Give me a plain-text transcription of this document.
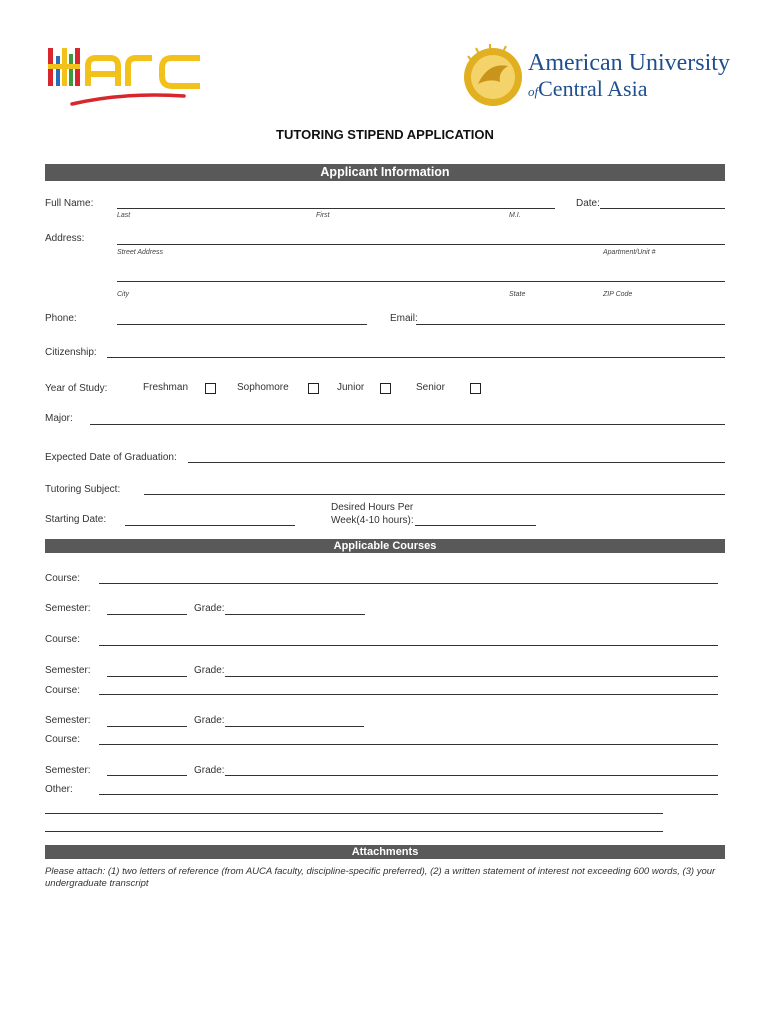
American University
ofCentral Asia
TUTORING STIPEND APPLICATION
Applicant Information
Full Name:	Date:
Last	First	M.I.
Address:
Street Address	Apartment/Unit #
City	State	ZIP Code
Phone:	Email:
Citizenship:
Year of Study:	Freshman	Sophomore	Junior	Senior
Major:
Expected Date of Graduation:
Tutoring Subject:
Starting Date:
Desired Hours Per
Week(4-10 hours):
Applicable Courses
Course:
Semester:	Grade:
Course:
Semester:	Grade:
Course:
Semester:	Grade:
Course:
Semester:	Grade:
Other:
Attachments
Please attach: (1) two letters of reference (from AUCA faculty, discipline-specific preferred), (2) a written statement of interest not exceeding 600 words, (3) your undergraduate transcript
